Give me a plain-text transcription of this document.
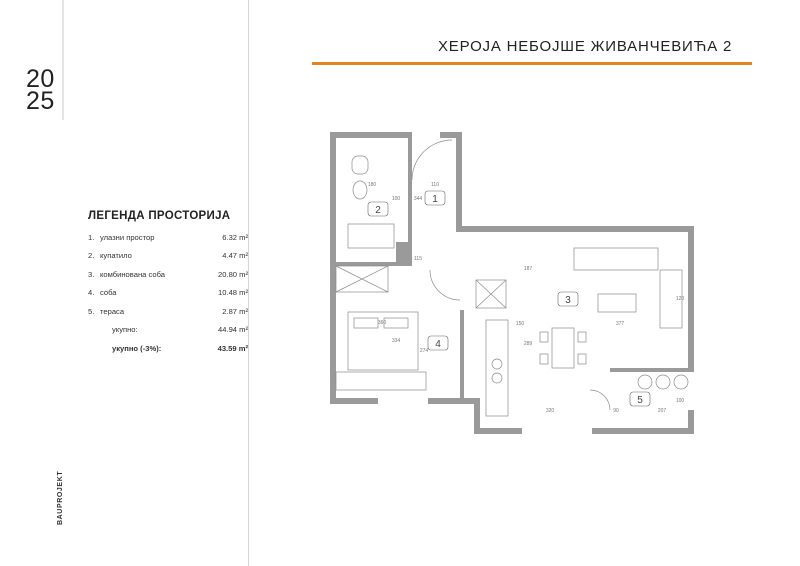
20
25
ЛЕГЕНДА ПРОСТОРИЈА
1. улазни простор	6.32 m²
2. купатило	4.47 m²
3. комбинована соба	20.80 m²
4. соба	10.48 m²
5. тераса	2.87 m²
укупно:	44.94 m²
укупно (-3%):	43.59 m²
BAUPROJEKT
ХЕРОЈА НЕБОЈШЕ ЖИВАНЧЕВИЋА 2
1
2
3
4
5
180	110
100	344
115
187
150	377
360
274
334	289
320	90	207
100
120
